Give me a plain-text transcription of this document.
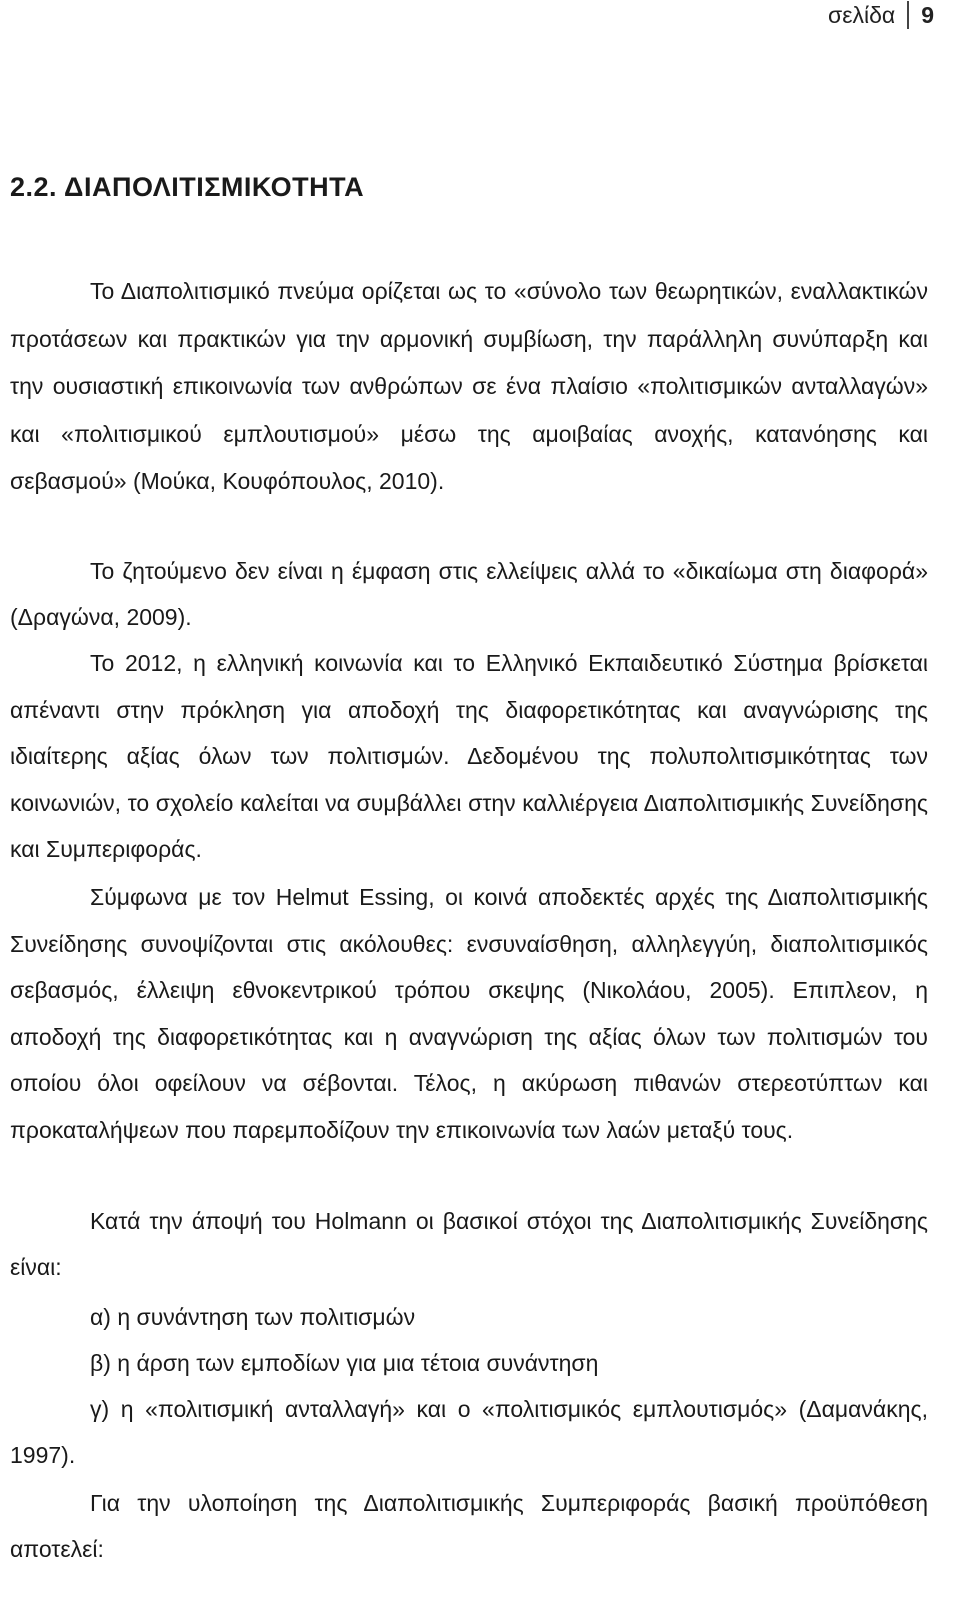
σελίδα 9
2.2. ΔΙΑΠΟΛΙΤΙΣΜΙΚΟΤΗΤΑ

Το Διαπολιτισμικό πνεύμα ορίζεται ως το «σύνολο των θεωρητικών, εναλλακτικών προτάσεων και πρακτικών για την αρμονική συμβίωση, την παράλληλη συνύπαρξη και την ουσιαστική επικοινωνία των ανθρώπων σε ένα πλαίσιο «πολιτισμικών ανταλλαγών» και «πολιτισμικού εμπλουτισμού» μέσω της αμοιβαίας ανοχής, κατανόησης και σεβασμού» (Μούκα, Κουφόπουλος, 2010).

Το ζητούμενο δεν είναι η έμφαση στις ελλείψεις αλλά το «δικαίωμα στη διαφορά» (Δραγώνα, 2009).

Το 2012, η ελληνική κοινωνία και το Ελληνικό Εκπαιδευτικό Σύστημα βρίσκεται απέναντι στην πρόκληση για αποδοχή της διαφορετικότητας και αναγνώρισης της ιδιαίτερης αξίας όλων των πολιτισμών. Δεδομένου της πολυπολιτισμικότητας των κοινωνιών, το σχολείο καλείται να συμβάλλει στην καλλιέργεια Διαπολιτισμικής Συνείδησης και Συμπεριφοράς.

Σύμφωνα με τον Helmut Essing, οι κοινά αποδεκτές αρχές της Διαπολιτισμικής Συνείδησης συνοψίζονται στις ακόλουθες: ενσυναίσθηση, αλληλεγγύη, διαπολιτισμικός σεβασμός, έλλειψη εθνοκεντρικού τρόπου σκεψης (Νικολάου, 2005). Επιπλεον, η αποδοχή της διαφορετικότητας και η αναγνώριση της αξίας όλων των πολιτισμών του οποίου όλοι οφείλουν να σέβονται. Τέλος, η ακύρωση πιθανών στερεοτύπτων και προκαταλήψεων που παρεμποδίζουν την επικοινωνία των λαών μεταξύ τους.

Κατά την άποψή του Holmann οι βασικοί στόχοι της Διαπολιτισμικής Συνείδησης είναι:

α) η συνάντηση των πολιτισμών

β) η άρση των εμποδίων για μια τέτοια συνάντηση

γ) η «πολιτισμική ανταλλαγή» και ο «πολιτισμικός εμπλουτισμός» (Δαμανάκης, 1997).

Για την υλοποίηση της Διαπολιτισμικής Συμπεριφοράς βασική προϋπόθεση αποτελεί:
